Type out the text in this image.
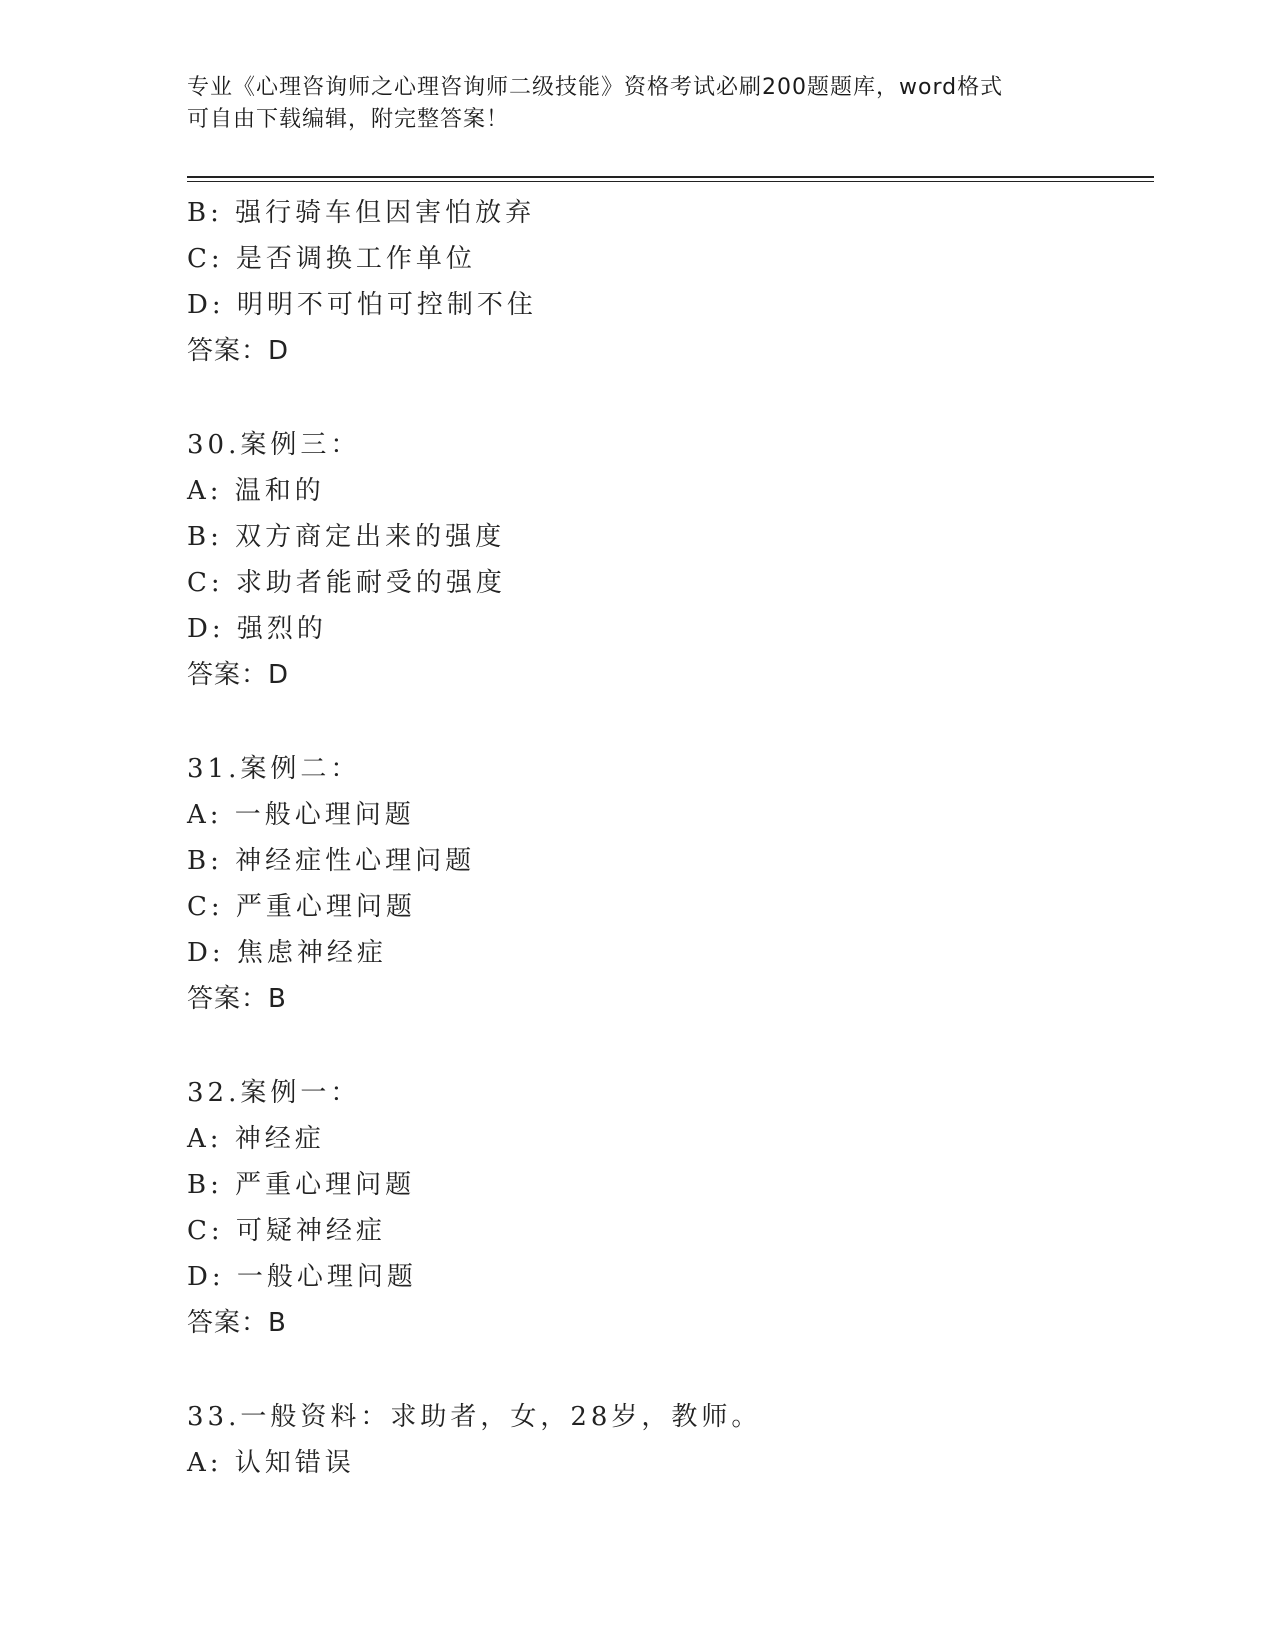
专业《心理咨询师之心理咨询师二级技能》资格考试必刷200题题库，word格式
可自由下载编辑，附完整答案！
B: 强行骑车但因害怕放弃
C: 是否调换工作单位
D: 明明不可怕可控制不住
答案：D
30.案例三：
A: 温和的
B: 双方商定出来的强度
C: 求助者能耐受的强度
D: 强烈的
答案：D
31.案例二：
A: 一般心理问题
B: 神经症性心理问题
C: 严重心理问题
D: 焦虑神经症
答案：B
32.案例一：
A: 神经症
B: 严重心理问题
C: 可疑神经症
D: 一般心理问题
答案：B
33.一般资料：求助者，女，28岁，教师。
A: 认知错误
